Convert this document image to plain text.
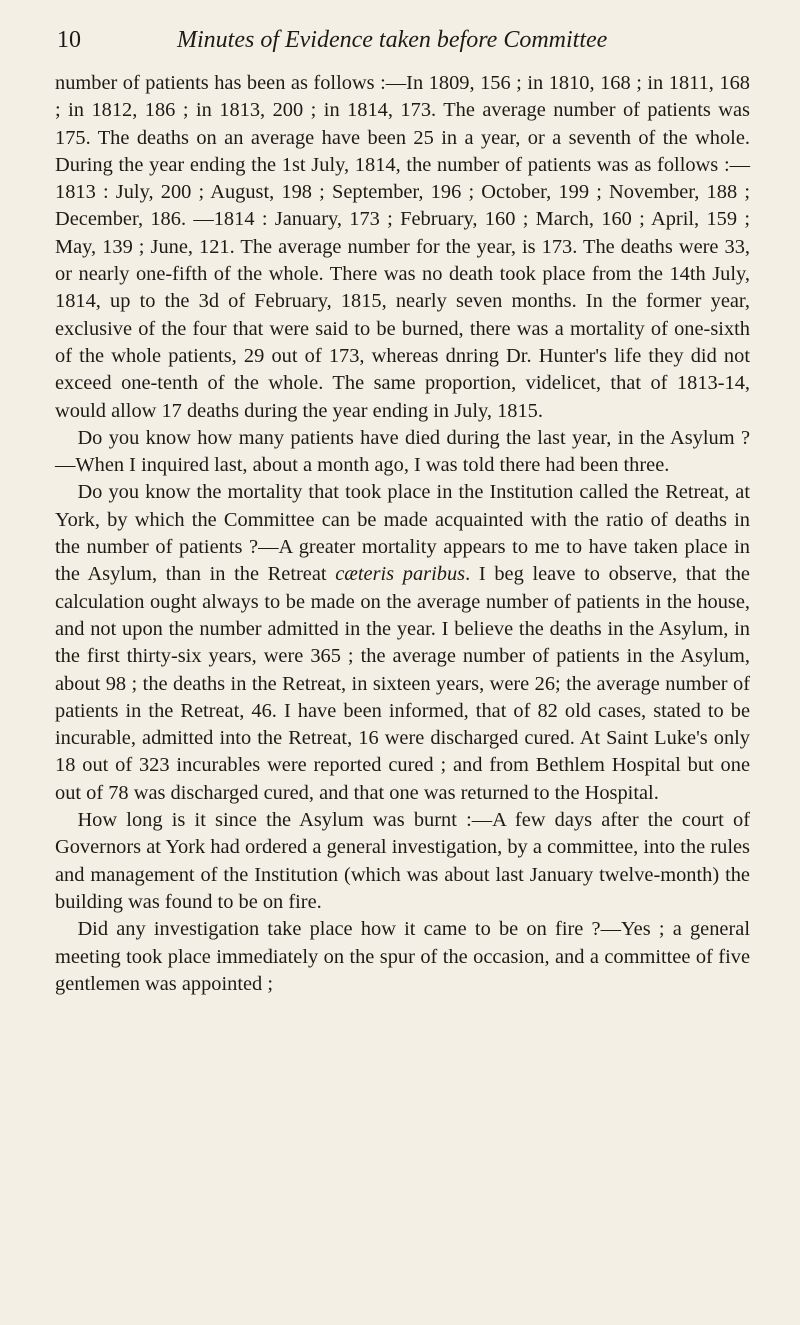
10	Minutes of Evidence taken before Committee

number of patients has been as follows :—In 1809, 156 ; in 1810, 168 ; in 1811, 168 ; in 1812, 186 ; in 1813, 200 ; in 1814, 173. The average number of patients was 175. The deaths on an average have been 25 in a year, or a seventh of the whole. During the year ending the 1st July, 1814, the number of patients was as follows :—1813 : July, 200 ; August, 198 ; September, 196 ; October, 199 ; November, 188 ; December, 186. —1814 : January, 173 ; February, 160 ; March, 160 ; April, 159 ; May, 139 ; June, 121. The average number for the year, is 173. The deaths were 33, or nearly one-fifth of the whole. There was no death took place from the 14th July, 1814, up to the 3d of February, 1815, nearly seven months. In the former year, exclusive of the four that were said to be burned, there was a mortality of one-sixth of the whole patients, 29 out of 173, whereas dnring Dr. Hunter's life they did not exceed one-tenth of the whole. The same proportion, videlicet, that of 1813-14, would allow 17 deaths during the year ending in July, 1815.

Do you know how many patients have died during the last year, in the Asylum ?—When I inquired last, about a month ago, I was told there had been three.

Do you know the mortality that took place in the Institution called the Retreat, at York, by which the Committee can be made acquainted with the ratio of deaths in the number of patients ?—A greater mortality appears to me to have taken place in the Asylum, than in the Retreat cæteris paribus. I beg leave to observe, that the calculation ought always to be made on the average number of patients in the house, and not upon the number admitted in the year. I believe the deaths in the Asylum, in the first thirty-six years, were 365 ; the average number of patients in the Asylum, about 98 ; the deaths in the Retreat, in sixteen years, were 26; the average number of patients in the Retreat, 46. I have been informed, that of 82 old cases, stated to be incurable, admitted into the Retreat, 16 were discharged cured. At Saint Luke's only 18 out of 323 incurables were reported cured ; and from Bethlem Hospital but one out of 78 was discharged cured, and that one was returned to the Hospital.

How long is it since the Asylum was burnt :—A few days after the court of Governors at York had ordered a general investigation, by a committee, into the rules and management of the Institution (which was about last January twelve-month) the building was found to be on fire.

Did any investigation take place how it came to be on fire ?—Yes ; a general meeting took place immediately on the spur of the occasion, and a committee of five gentlemen was appointed ;
